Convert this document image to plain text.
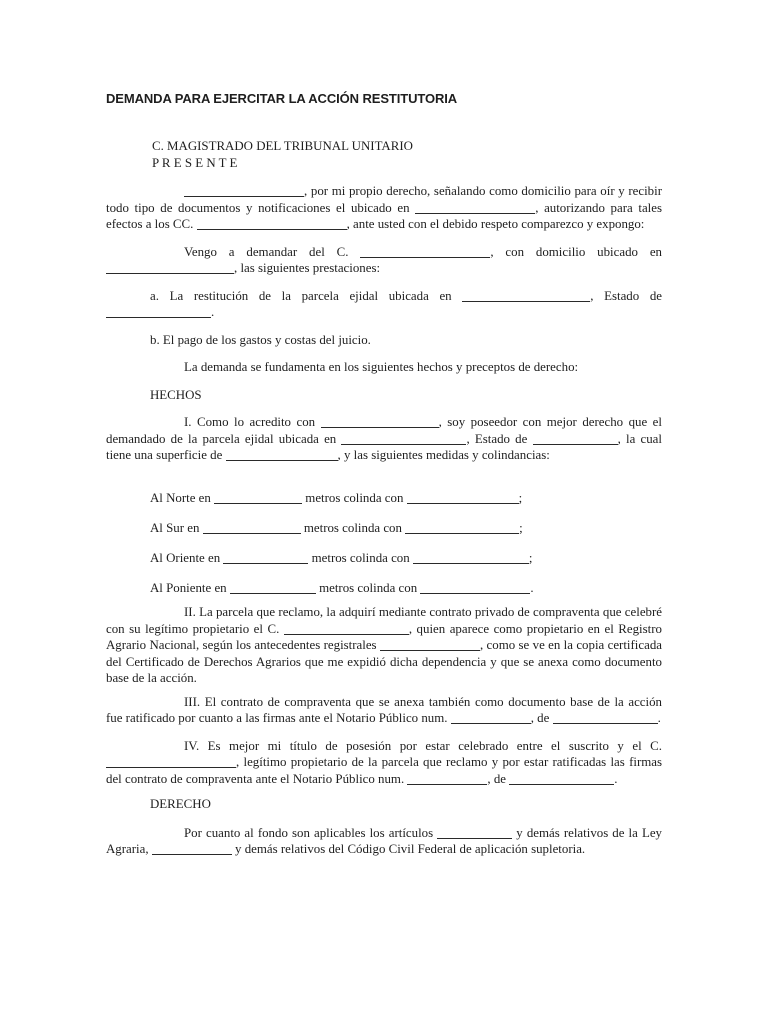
DEMANDA PARA EJERCITAR LA ACCIÓN RESTITUTORIA
C. MAGISTRADO DEL TRIBUNAL UNITARIO
P R E S E N T E

, por mi propio derecho, señalando como domicilio para oír y recibir todo tipo de documentos y notificaciones el ubicado en	, autorizando para tales efectos a los CC.	, ante usted con el debido respeto comparezco y expongo:

Vengo a demandar del C.	, con domicilio ubicado en , las siguientes prestaciones:

a. La restitución de la parcela ejidal ubicada en	, Estado de .

b. El pago de los gastos y costas del juicio.

La demanda se fundamenta en los siguientes hechos y preceptos de derecho:

HECHOS

I. Como lo acredito con	, soy poseedor con mejor derecho que el demandado de la parcela ejidal ubicada en	, Estado de	, la cual tiene una superficie de	, y las siguientes medidas y colindancias:

Al Norte en	metros colinda con	;

Al Sur en	metros colinda con	;

Al Oriente en	metros colinda con	;

Al Poniente en	metros colinda con	.

II. La parcela que reclamo, la adquirí mediante contrato privado de compraventa que celebré con su legítimo propietario el C.	, quien aparece como propietario en el Registro Agrario Nacional, según los antecedentes registrales	, como se ve en la copia certificada del Certificado de Derechos Agrarios que me expidió dicha dependencia y que se anexa como documento base de la acción.

III. El contrato de compraventa que se anexa también como documento base de la acción fue ratificado por cuanto a las firmas ante el Notario Público num.	, de	.

IV. Es mejor mi título de posesión por estar celebrado entre el suscrito y el C. , legítimo propietario de la parcela que reclamo y por estar ratificadas las firmas del contrato de compraventa ante el Notario Público num.	, de	.

DERECHO

Por cuanto al fondo son aplicables los artículos	y demás relativos de la Ley Agraria,	y demás relativos del Código Civil Federal de aplicación supletoria.
